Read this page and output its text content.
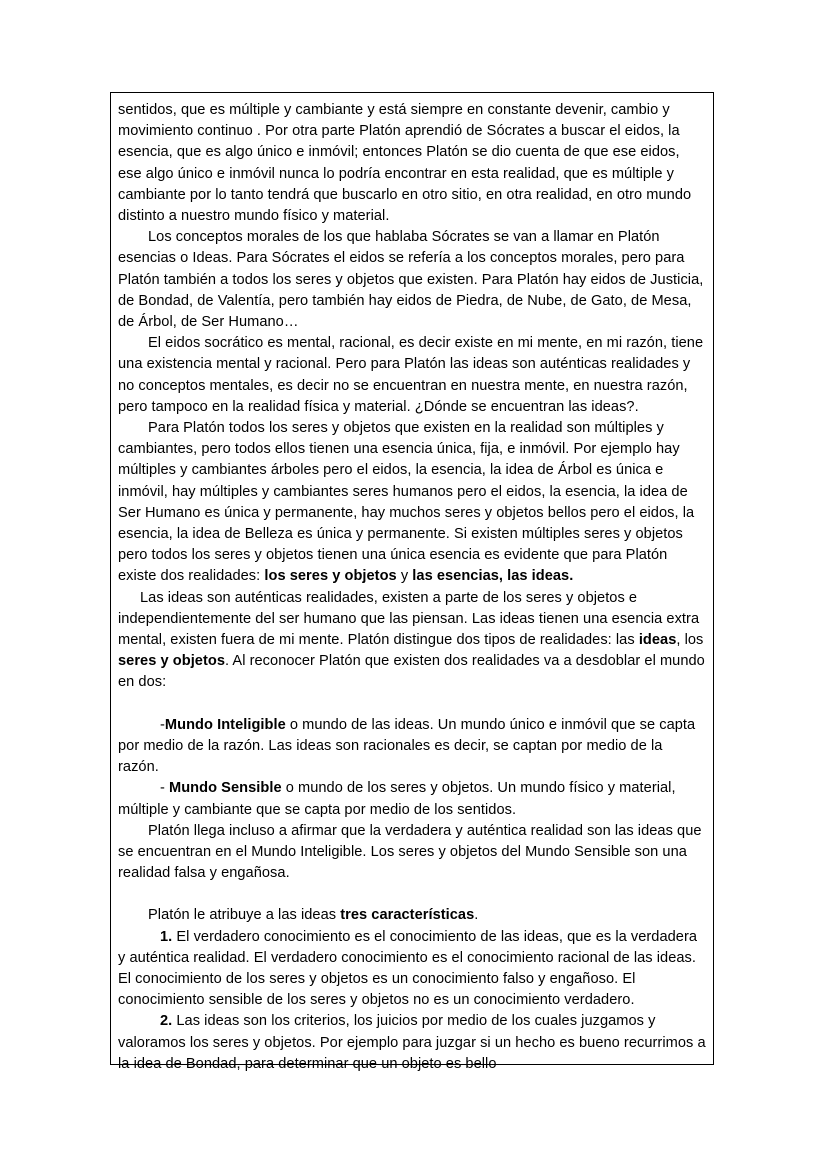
sentidos, que es múltiple y cambiante y está siempre en constante devenir, cambio y movimiento continuo . Por otra parte Platón aprendió de Sócrates a buscar el eidos, la esencia, que es algo único e inmóvil; entonces Platón se dio cuenta de que ese eidos, ese algo único e inmóvil nunca lo podría encontrar en esta realidad, que es múltiple y cambiante por lo tanto tendrá que buscarlo en otro sitio, en otra realidad, en otro mundo distinto a nuestro mundo físico y material.

Los conceptos morales de los que hablaba Sócrates se van a llamar en Platón esencias o Ideas. Para Sócrates el eidos se refería a los conceptos morales, pero para Platón también a todos los seres y objetos que existen. Para Platón hay eidos de Justicia, de Bondad, de Valentía, pero también hay eidos de Piedra, de Nube, de Gato, de Mesa, de Árbol, de Ser Humano…

El eidos socrático es mental, racional, es decir existe en mi mente, en mi razón, tiene una existencia mental y racional. Pero para Platón las ideas son auténticas realidades y no conceptos mentales, es decir no se encuentran en nuestra mente, en nuestra razón, pero tampoco en la realidad física y material. ¿Dónde se encuentran las ideas?.

Para Platón todos los seres y objetos que existen en la realidad son múltiples y cambiantes, pero todos ellos tienen una esencia única, fija, e inmóvil. Por ejemplo hay múltiples y cambiantes árboles pero el eidos, la esencia, la idea de Árbol es única e inmóvil, hay múltiples y cambiantes seres humanos pero el eidos, la esencia, la idea de Ser Humano es única y permanente, hay muchos seres y objetos bellos pero el eidos, la esencia, la idea de Belleza es única y permanente. Si existen múltiples seres y objetos pero todos los seres y objetos tienen una única esencia es evidente que para Platón existe dos realidades: los seres y objetos y las esencias, las ideas.

Las ideas son auténticas realidades, existen a parte de los seres y objetos e independientemente del ser humano que las piensan. Las ideas tienen una esencia extra mental, existen fuera de mi mente. Platón distingue dos tipos de realidades: las ideas, los seres y objetos. Al reconocer Platón que existen dos realidades va a desdoblar el mundo en dos:

-Mundo Inteligible o mundo de las ideas. Un mundo único e inmóvil que se capta por medio de la razón. Las ideas son racionales es decir, se captan por medio de la razón.

- Mundo Sensible o mundo de los seres y objetos. Un mundo físico y material, múltiple y cambiante que se capta por medio de los sentidos.

Platón llega incluso a afirmar que la verdadera y auténtica realidad son las ideas que se encuentran en el Mundo Inteligible. Los seres y objetos del Mundo Sensible son una realidad falsa y engañosa.

Platón le atribuye a las ideas tres características.

1. El verdadero conocimiento es el conocimiento de las ideas, que es la verdadera y auténtica realidad. El verdadero conocimiento es el conocimiento racional de las ideas. El conocimiento de los seres y objetos es un conocimiento falso y engañoso. El conocimiento sensible de los seres y objetos no es un conocimiento verdadero.

2. Las ideas son los criterios, los juicios por medio de los cuales juzgamos y valoramos los seres y objetos. Por ejemplo para juzgar si un hecho es bueno recurrimos a la idea de Bondad, para determinar que un objeto es bello
